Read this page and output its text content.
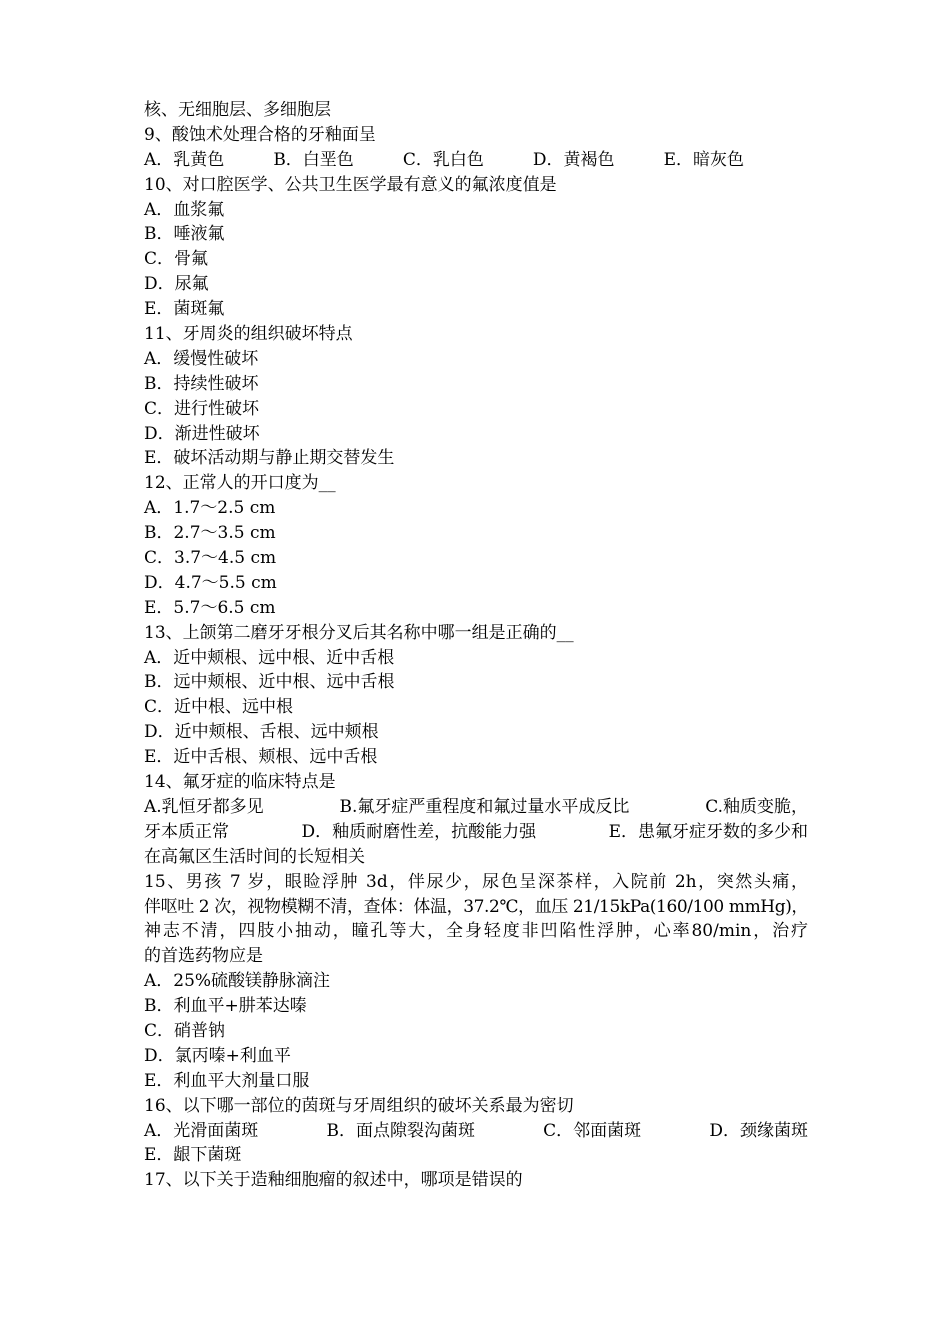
核、无细胞层、多细胞层
9、酸蚀术处理合格的牙釉面呈
A．乳黄色	B．白垩色	C．乳白色	D．黄褐色	E．暗灰色
10、对口腔医学、公共卫生医学最有意义的氟浓度值是
A．血浆氟
B．唾液氟
C．骨氟
D．尿氟
E．菌斑氟
11、牙周炎的组织破坏特点
A．缓慢性破坏
B．持续性破坏
C．进行性破坏
D．渐进性破坏
E．破坏活动期与静止期交替发生
12、正常人的开口度为__
A．1.7～2.5 cm
B．2.7～3.5 cm
C．3.7～4.5 cm
D．4.7～5.5 cm
E．5.7～6.5 cm
13、上颌第二磨牙牙根分叉后其名称中哪一组是正确的__
A．近中颊根、远中根、近中舌根
B．远中颊根、近中根、远中舌根
C．近中根、远中根
D．近中颊根、舌根、远中颊根
E．近中舌根、颊根、远中舌根
14、氟牙症的临床特点是
A.乳恒牙都多见	B.氟牙症严重程度和氟过量水平成反比	C.釉质变脆，
牙本质正常	D．釉质耐磨性差，抗酸能力强	E．患氟牙症牙数的多少和
在高氟区生活时间的长短相关
15、男孩 7 岁，眼睑浮肿 3d，伴尿少，尿色呈深茶样，入院前 2h，突然头痛，
伴呕吐 2 次，视物模糊不清，查体：体温，37.2℃，血压 21/15kPa(160/100 mmHg)，
神志不清，四肢小抽动，瞳孔等大，全身轻度非凹陷性浮肿，心率80/min，治疗
的首选药物应是
A．25%硫酸镁静脉滴注
B．利血平+肼苯达嗪
C．硝普钠
D．氯丙嗪+利血平
E．利血平大剂量口服
16、以下哪一部位的茵斑与牙周组织的破坏关系最为密切
A．光滑面菌斑	B．面点隙裂沟菌斑	C．邻面菌斑	D．颈缘菌斑
E．龈下菌斑
17、以下关于造釉细胞瘤的叙述中，哪项是错误的
